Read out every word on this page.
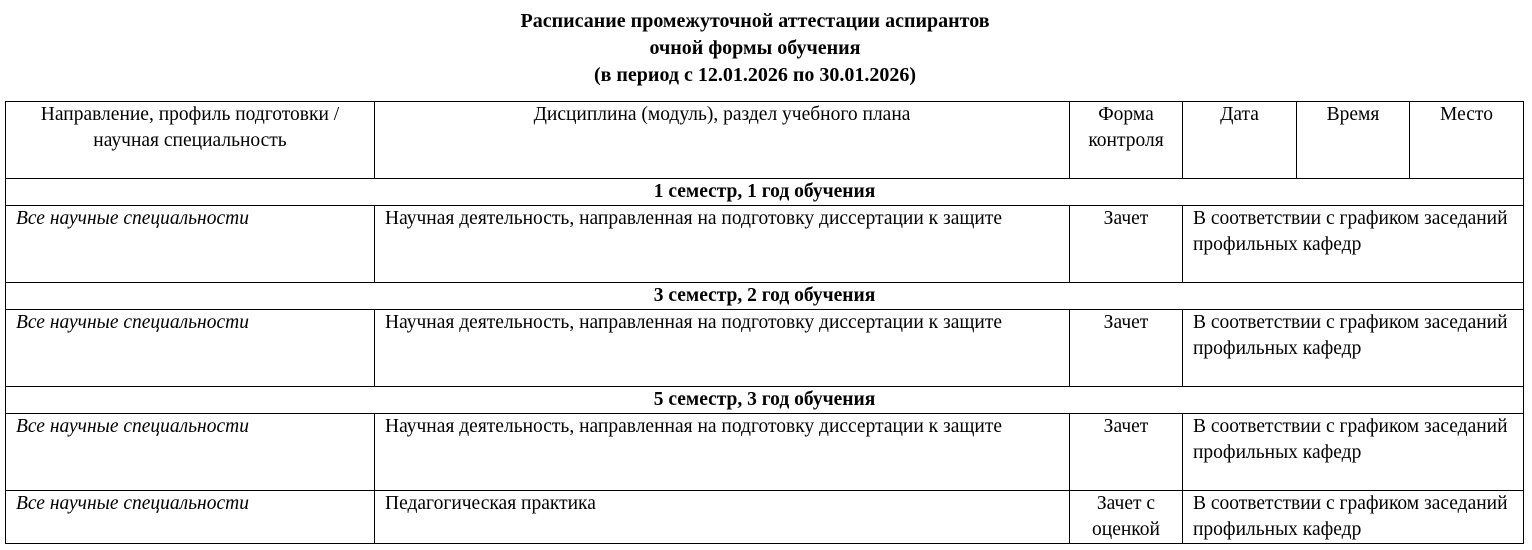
Расписание промежуточной аттестации аспирантов
очной формы обучения
(в период с 12.01.2026 по 30.01.2026)
Направление, профиль подготовки / научная специальность	Дисциплина (модуль), раздел учебного плана	Форма контроля	Дата	Время	Место
1 семестр, 1 год обучения					
Все научные специальности	Научная деятельность, направленная на подготовку диссертации к защите	Зачет	В соответствии с графиком заседаний профильных кафедр		
3 семестр, 2 год обучения					
Все научные специальности	Научная деятельность, направленная на подготовку диссертации к защите	Зачет	В соответствии с графиком заседаний профильных кафедр		
5 семестр, 3 год обучения					
Все научные специальности	Научная деятельность, направленная на подготовку диссертации к защите	Зачет	В соответствии с графиком заседаний профильных кафедр		
Все научные специальности	Педагогическая практика	Зачет с оценкой	В соответствии с графиком заседаний профильных кафедр		
